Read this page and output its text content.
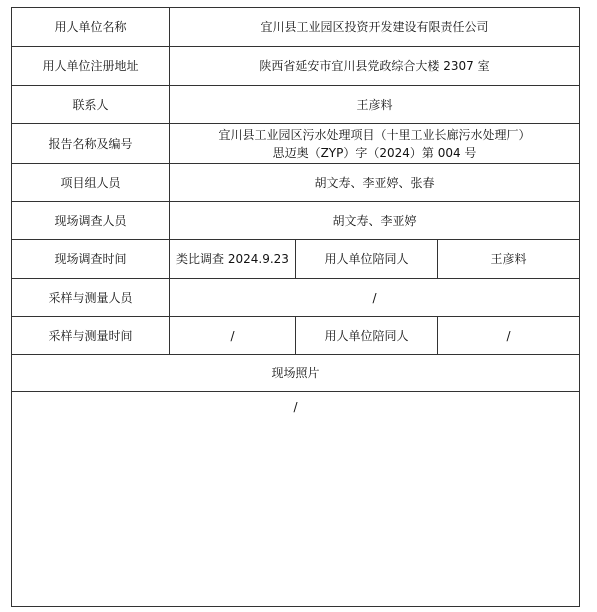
用人单位名称	宜川县工业园区投资开发建设有限责任公司		
用人单位注册地址	陕西省延安市宜川县党政综合大楼 2307 室		
联系人	王彦料		
报告名称及编号	宜川县工业园区污水处理项目（十里工业长廊污水处理厂）
思迈奥（ZYP）字（2024）第 004 号		

项目组人员	胡文寿、李亚婷、张春		
现场调查人员	胡文寿、李亚婷		
现场调查时间	类比调查 2024.9.23	用人单位陪同人	王彦料
采样与测量人员	/		
采样与测量时间	/	用人单位陪同人	/
现场照片			
/			
